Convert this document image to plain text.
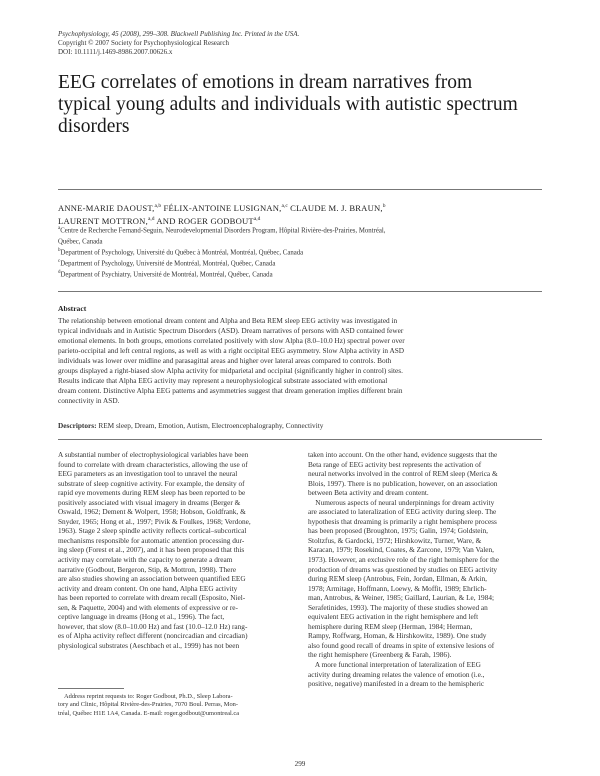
Psychophysiology, 45 (2008), 299–308. Blackwell Publishing Inc. Printed in the USA.
Copyright © 2007 Society for Psychophysiological Research
DOI: 10.1111/j.1469-8986.2007.00626.x
EEG correlates of emotions in dream narratives from typical young adults and individuals with autistic spectrum disorders
ANNE-MARIE DAOUST,$^{a,b}$ FÉLIX-ANTOINE LUSIGNAN,$^{a,c}$ CLAUDE M. J. BRAUN,$^b$
LAURENT MOTTRON,$^{a,d}$ AND ROGER GODBOUT$^{a,d}$
$^a$Centre de Recherche Fernand-Seguin, Neurodevelopmental Disorders Program, Hôpital Rivière-des-Prairies, Montréal,
Québec, Canada
$^b$Department of Psychology, Université du Québec à Montréal, Montréal, Québec, Canada
$^c$Department of Psychology, Université de Montréal, Montréal, Québec, Canada
$^d$Department of Psychiatry, Université de Montréal, Montréal, Québec, Canada
Abstract
The relationship between emotional dream content and Alpha and Beta REM sleep EEG activity was investigated in
typical individuals and in Autistic Spectrum Disorders (ASD). Dream narratives of persons with ASD contained fewer
emotional elements. In both groups, emotions correlated positively with slow Alpha (8.0–10.0 Hz) spectral power over
parieto-occipital and left central regions, as well as with a right occipital EEG asymmetry. Slow Alpha activity in ASD
individuals was lower over midline and parasagittal areas and higher over lateral areas compared to controls. Both
groups displayed a right-biased slow Alpha activity for midparietal and occipital (significantly higher in control) sites.
Results indicate that Alpha EEG activity may represent a neurophysiological substrate associated with emotional
dream content. Distinctive Alpha EEG patterns and asymmetries suggest that dream generation implies different brain
connectivity in ASD.
Descriptors: REM sleep, Dream, Emotion, Autism, Electroencephalography, Connectivity
A substantial number of electrophysiological variables have been
found to correlate with dream characteristics, allowing the use of
EEG parameters as an investigation tool to unravel the neural
substrate of sleep cognitive activity. For example, the density of
rapid eye movements during REM sleep has been reported to be
positively associated with visual imagery in dreams (Berger &
Oswald, 1962; Dement & Wolpert, 1958; Hobson, Goldfrank, &
Snyder, 1965; Hong et al., 1997; Pivik & Foulkes, 1968; Verdone,
1963). Stage 2 sleep spindle activity reflects cortical–subcortical
mechanisms responsible for automatic attention processing dur-
ing sleep (Forest et al., 2007), and it has been proposed that this
activity may correlate with the capacity to generate a dream
narrative (Godbout, Bergeron, Stip, & Mottron, 1998). There
are also studies showing an association between quantified EEG
activity and dream content. On one hand, Alpha EEG activity
has been reported to correlate with dream recall (Esposito, Niel-
sen, & Paquette, 2004) and with elements of expressive or re-
ceptive language in dreams (Hong et al., 1996). The fact,
however, that slow (8.0–10.00 Hz) and fast (10.0–12.0 Hz) rang-
es of Alpha activity reflect different (noncircadian and circadian)
physiological substrates (Aeschbach et al., 1999) has not been
taken into account. On the other hand, evidence suggests that the
Beta range of EEG activity best represents the activation of
neural networks involved in the control of REM sleep (Merica &
Blois, 1997). There is no publication, however, on an association
between Beta activity and dream content.
Numerous aspects of neural underpinnings for dream activity
are associated to lateralization of EEG activity during sleep. The
hypothesis that dreaming is primarily a right hemisphere process
has been proposed (Broughton, 1975; Galin, 1974; Goldstein,
Stoltzfus, & Gardocki, 1972; Hirshkowitz, Turner, Ware, &
Karacan, 1979; Rosekind, Coates, & Zarcone, 1979; Van Valen,
1973). However, an exclusive role of the right hemisphere for the
production of dreams was questioned by studies on EEG activity
during REM sleep (Antrobus, Fein, Jordan, Ellman, & Arkin,
1978; Armitage, Hoffmann, Loewy, & Moffit, 1989; Ehrlich-
man, Antrobus, & Weiner, 1985; Gaillard, Laurian, & Le, 1984;
Serafetinides, 1993). The majority of these studies showed an
equivalent EEG activation in the right hemisphere and left
hemisphere during REM sleep (Herman, 1984; Herman,
Rampy, Roffwarg, Homan, & Hirshkowitz, 1989). One study
also found good recall of dreams in spite of extensive lesions of
the right hemisphere (Greenberg & Farah, 1986).
A more functional interpretation of lateralization of EEG
activity during dreaming relates the valence of emotion (i.e.,
positive, negative) manifested in a dream to the hemispheric
Address reprint requests to: Roger Godbout, Ph.D., Sleep Labora-
tory and Clinic, Hôpital Rivière-des-Prairies, 7070 Boul. Perras, Mon-
tréal, Québec H1E 1A4, Canada. E-mail: roger.godbout@umontreal.ca
299
